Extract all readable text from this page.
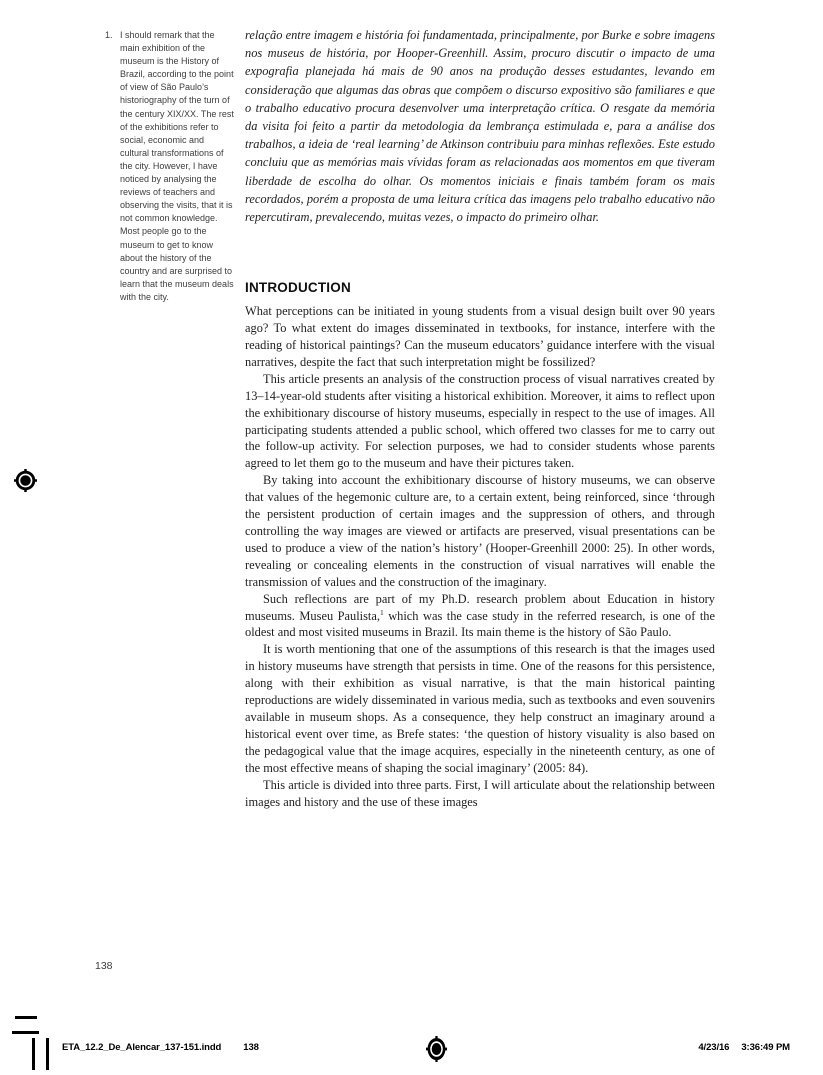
1. I should remark that the main exhibition of the museum is the History of Brazil, according to the point of view of São Paulo’s historiography of the turn of the century XIX/XX. The rest of the exhibitions refer to social, economic and cultural transformations of the city. However, I have noticed by analysing the reviews of teachers and observing the visits, that it is not common knowledge. Most people go to the museum to get to know about the history of the country and are surprised to learn that the museum deals with the city.

relação entre imagem e história foi fundamentada, principalmente, por Burke e sobre imagens nos museus de história, por Hooper-Greenhill. Assim, procuro discutir o impacto de uma expografia planejada há mais de 90 anos na produção desses estudantes, levando em consideração que algumas das obras que compõem o discurso expositivo são familiares e que o trabalho educativo procura desenvolver uma interpretação crítica. O resgate da memória da visita foi feito a partir da metodologia da lembrança estimulada e, para a análise dos trabalhos, a ideia de ‘real learning’ de Atkinson contribuiu para minhas reflexões. Este estudo concluiu que as memórias mais vívidas foram as relacionadas aos momentos em que tiveram liberdade de escolha do olhar. Os momentos iniciais e finais também foram os mais recordados, porém a proposta de uma leitura crítica das imagens pelo trabalho educativo não repercutiram, prevalecendo, muitas vezes, o impacto do primeiro olhar.

INTRODUCTION

What perceptions can be initiated in young students from a visual design built over 90 years ago? To what extent do images disseminated in textbooks, for instance, interfere with the reading of historical paintings? Can the museum educators’ guidance interfere with the visual narratives, despite the fact that such interpretation might be fossilized?

This article presents an analysis of the construction process of visual narratives created by 13–14-year-old students after visiting a historical exhibition. Moreover, it aims to reflect upon the exhibitionary discourse of history museums, especially in respect to the use of images. All participating students attended a public school, which offered two classes for me to carry out the follow-up activity. For selection purposes, we had to consider students whose parents agreed to let them go to the museum and have their pictures taken.

By taking into account the exhibitionary discourse of history museums, we can observe that values of the hegemonic culture are, to a certain extent, being reinforced, since ‘through the persistent production of certain images and the suppression of others, and through controlling the way images are viewed or artifacts are preserved, visual presentations can be used to produce a view of the nation’s history’ (Hooper-Greenhill 2000: 25). In other words, revealing or concealing elements in the construction of visual narratives will enable the transmission of values and the construction of the imaginary.

Such reflections are part of my Ph.D. research problem about Education in history museums. Museu Paulista,$^1$ which was the case study in the referred research, is one of the oldest and most visited museums in Brazil. Its main theme is the history of São Paulo.

It is worth mentioning that one of the assumptions of this research is that the images used in history museums have strength that persists in time. One of the reasons for this persistence, along with their exhibition as visual narrative, is that the main historical painting reproductions are widely disseminated in various media, such as textbooks and even souvenirs available in museum shops. As a consequence, they help construct an imaginary around a historical event over time, as Brefe states: ‘the question of history visuality is also based on the pedagogical value that the image acquires, especially in the nineteenth century, as one of the most effective means of shaping the social imaginary’ (2005: 84).

This article is divided into three parts. First, I will articulate about the relationship between images and history and the use of these images

138
ETA_12.2_De_Alencar_137-151.indd 138	4/23/16 3:36:49 PM
